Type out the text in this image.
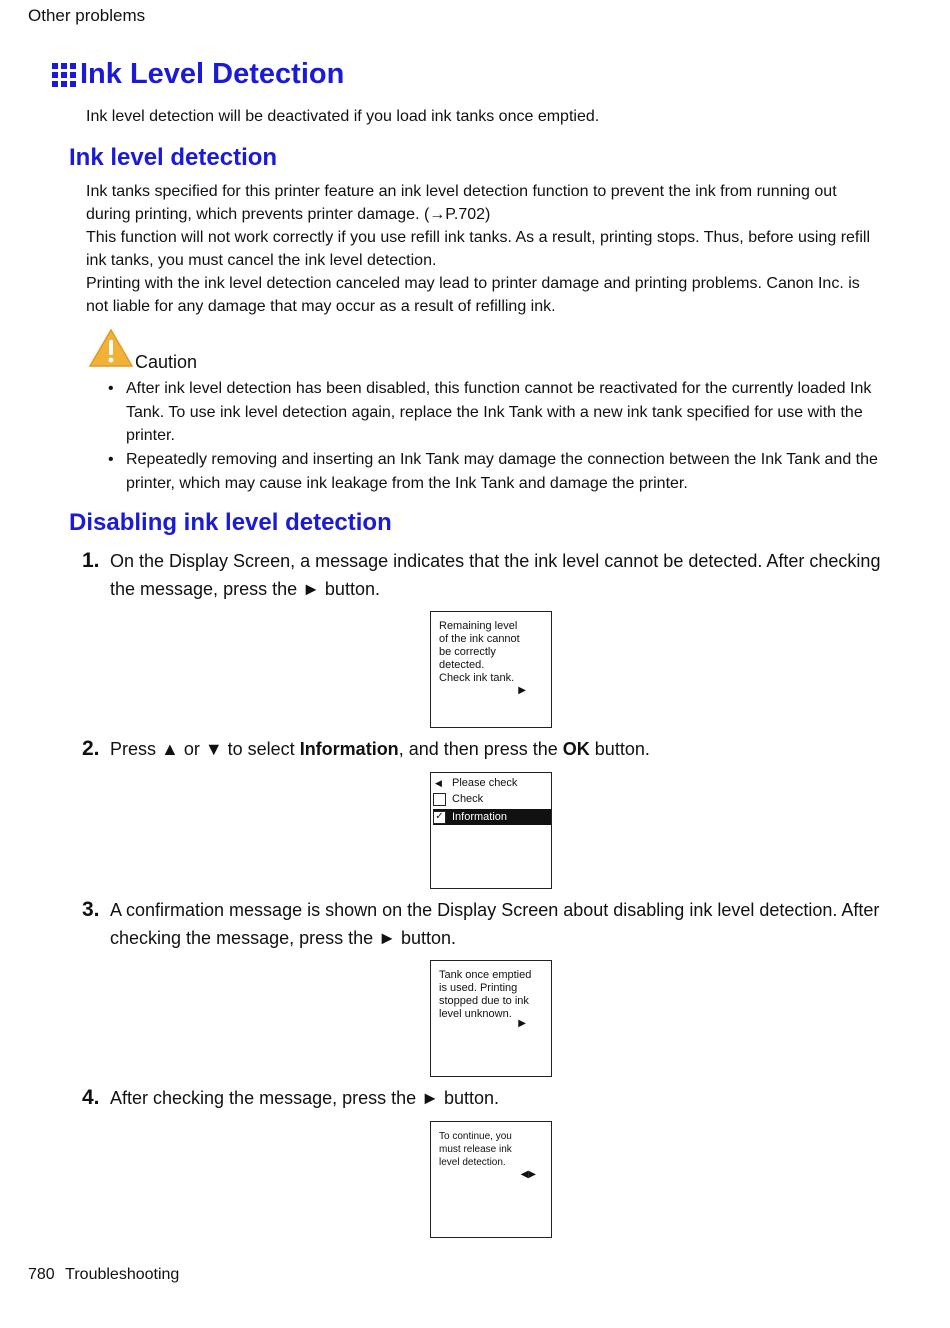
Other problems
Ink Level Detection
Ink level detection will be deactivated if you load ink tanks once emptied.
Ink level detection
Ink tanks specified for this printer feature an ink level detection function to prevent the ink from running out during printing, which prevents printer damage. (→P.702)
This function will not work correctly if you use refill ink tanks. As a result, printing stops. Thus, before using refill ink tanks, you must cancel the ink level detection.
Printing with the ink level detection canceled may lead to printer damage and printing problems. Canon Inc. is not liable for any damage that may occur as a result of refilling ink.
Caution
• After ink level detection has been disabled, this function cannot be reactivated for the currently loaded Ink Tank. To use ink level detection again, replace the Ink Tank with a new ink tank specified for use with the printer.
• Repeatedly removing and inserting an Ink Tank may damage the connection between the Ink Tank and the printer, which may cause ink leakage from the Ink Tank and damage the printer.
Disabling ink level detection
1. On the Display Screen, a message indicates that the ink level cannot be detected. After checking the message, press the ► button.
Remaining level
of the ink cannot
be correctly
detected.
Check ink tank.
▶
2. Press ▲ or ▼ to select Information, and then press the OK button.
◀ Please check
Check
✓ Information
3. A confirmation message is shown on the Display Screen about disabling ink level detection. After checking the message, press the ► button.
Tank once emptied
is used. Printing
stopped due to ink
level unknown.
▶
4. After checking the message, press the ► button.
To continue, you
must release ink
level detection.
◀▶
780 Troubleshooting
